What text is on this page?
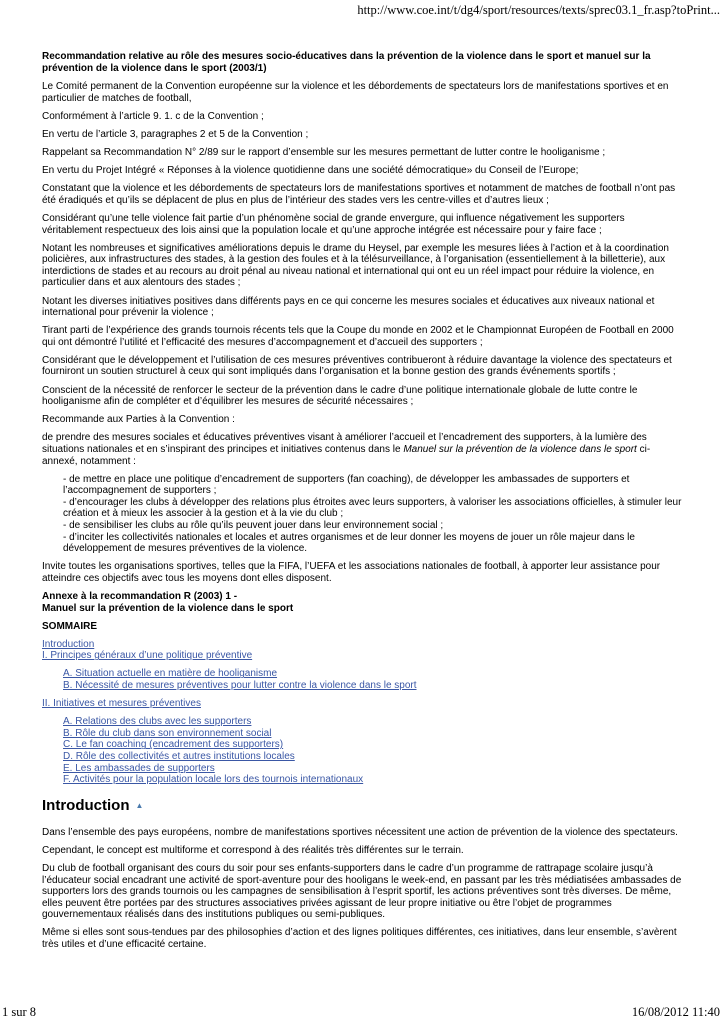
http://www.coe.int/t/dg4/sport/resources/texts/sprec03.1_fr.asp?toPrint...
Recommandation relative au rôle des mesures socio-éducatives dans la prévention de la violence dans le sport et manuel sur la prévention de la violence dans le sport (2003/1)
Le Comité permanent de la Convention européenne sur la violence et les débordements de spectateurs lors de manifestations sportives et en particulier de matches de football,
Conformément à l’article 9. 1. c de la Convention ;
En vertu de l’article 3, paragraphes 2 et 5 de la Convention ;
Rappelant sa Recommandation N° 2/89 sur le rapport d’ensemble sur les mesures permettant de lutter contre le hooliganisme ;
En vertu du Projet Intégré « Réponses à la violence quotidienne dans une société démocratique» du Conseil de l’Europe;
Constatant que la violence et les débordements de spectateurs lors de manifestations sportives et notamment de matches de football n’ont pas été éradiqués et qu’ils se déplacent de plus en plus de l’intérieur des stades vers les centre-villes et d’autres lieux ;
Considérant qu’une telle violence fait partie d’un phénomène social de grande envergure, qui influence négativement les supporters véritablement respectueux des lois ainsi que la population locale et qu’une approche intégrée est nécessaire pour y faire face ;
Notant les nombreuses et significatives améliorations depuis le drame du Heysel, par exemple les mesures liées à l’action et à la coordination policières, aux infrastructures des stades, à la gestion des foules et à la télésurveillance, à l’organisation (essentiellement à la billetterie), aux interdictions de stades et au recours au droit pénal au niveau national et international qui ont eu un réel impact pour réduire la violence, en particulier dans et aux alentours des stades ;
Notant les diverses initiatives positives dans différents pays en ce qui concerne les mesures sociales et éducatives aux niveaux national et international pour prévenir la violence ;
Tirant parti de l’expérience des grands tournois récents tels que la Coupe du monde en 2002 et le Championnat Européen de Football en 2000 qui ont démontré l’utilité et l’efficacité des mesures d’accompagnement et d’accueil des supporters ;
Considérant que le développement et l’utilisation de ces mesures préventives contribueront à réduire davantage la violence des spectateurs et fourniront un soutien structurel à ceux qui sont impliqués dans l’organisation et la bonne gestion des grands événements sportifs ;
Conscient de la nécessité de renforcer le secteur de la prévention dans le cadre d’une politique internationale globale de lutte contre le hooliganisme afin de compléter et d’équilibrer les mesures de sécurité nécessaires ;
Recommande aux Parties à la Convention :
de prendre des mesures sociales et éducatives préventives visant à améliorer l’accueil et l’encadrement des supporters, à la lumière des situations nationales et en s’inspirant des principes et initiatives contenus dans le Manuel sur la prévention de la violence dans le sport ci-annexé, notamment :
- de mettre en place une politique d’encadrement de supporters (fan coaching), de développer les ambassades de supporters et l’accompagnement de supporters ;
- d’encourager les clubs à développer des relations plus étroites avec leurs supporters, à valoriser les associations officielles, à stimuler leur création et à mieux les associer à la gestion et à la vie du club ;
- de sensibiliser les clubs au rôle qu’ils peuvent jouer dans leur environnement social ;
- d’inciter les collectivités nationales et locales et autres organismes et de leur donner les moyens de jouer un rôle majeur dans le développement de mesures préventives de la violence.
Invite toutes les organisations sportives, telles que la FIFA, l’UEFA et les associations nationales de football, à apporter leur assistance pour atteindre ces objectifs avec tous les moyens dont elles disposent.
Annexe à la recommandation R (2003) 1 -
Manuel sur la prévention de la violence dans le sport
SOMMAIRE
Introduction
I. Principes généraux d’une politique préventive
A. Situation actuelle en matière de hooliganisme
B. Nécessité de mesures préventives pour lutter contre la violence dans le sport
II. Initiatives et mesures préventives
A. Relations des clubs avec les supporters
B. Rôle du club dans son environnement social
C. Le fan coaching (encadrement des supporters)
D. Rôle des collectivités et autres institutions locales
E. Les ambassades de supporters
F. Activités pour la population locale lors des tournois internationaux
Introduction ▲
Dans l’ensemble des pays européens, nombre de manifestations sportives nécessitent une action de prévention de la violence des spectateurs.
Cependant, le concept est multiforme et correspond à des réalités très différentes sur le terrain.
Du club de football organisant des cours du soir pour ses enfants-supporters dans le cadre d’un programme de rattrapage scolaire jusqu’à l’éducateur social encadrant une activité de sport-aventure pour des hooligans le week-end, en passant par les très médiatisées ambassades de supporters lors des grands tournois ou les campagnes de sensibilisation à l’esprit sportif, les actions préventives sont très diverses. De même, elles peuvent être portées par des structures associatives privées agissant de leur propre initiative ou être l’objet de programmes gouvernementaux réalisés dans des institutions publiques ou semi-publiques.
Même si elles sont sous-tendues par des philosophies d’action et des lignes politiques différentes, ces initiatives, dans leur ensemble, s’avèrent très utiles et d’une efficacité certaine.
1 sur 8	16/08/2012 11:40
